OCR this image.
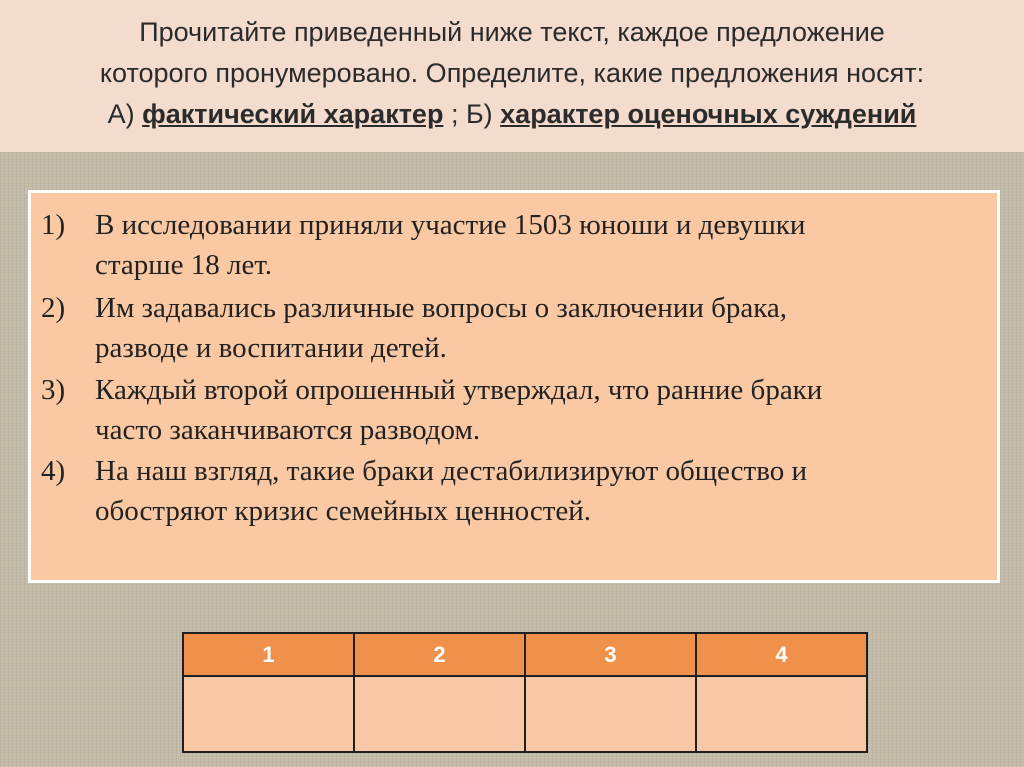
Прочитайте приведенный ниже текст, каждое предложение
которого пронумеровано. Определите, какие предложения носят:
А) фактический характер ; Б) характер оценочных суждений
1) В исследовании приняли участие 1503 юноши и девушки
старше 18 лет.
2) Им задавались различные вопросы о заключении брака,
разводе и воспитании детей.
3) Каждый второй опрошенный утверждал, что ранние браки
часто заканчиваются разводом.
4) На наш взгляд, такие браки дестабилизируют общество и
обостряют кризис семейных ценностей.
1	2	3	4
